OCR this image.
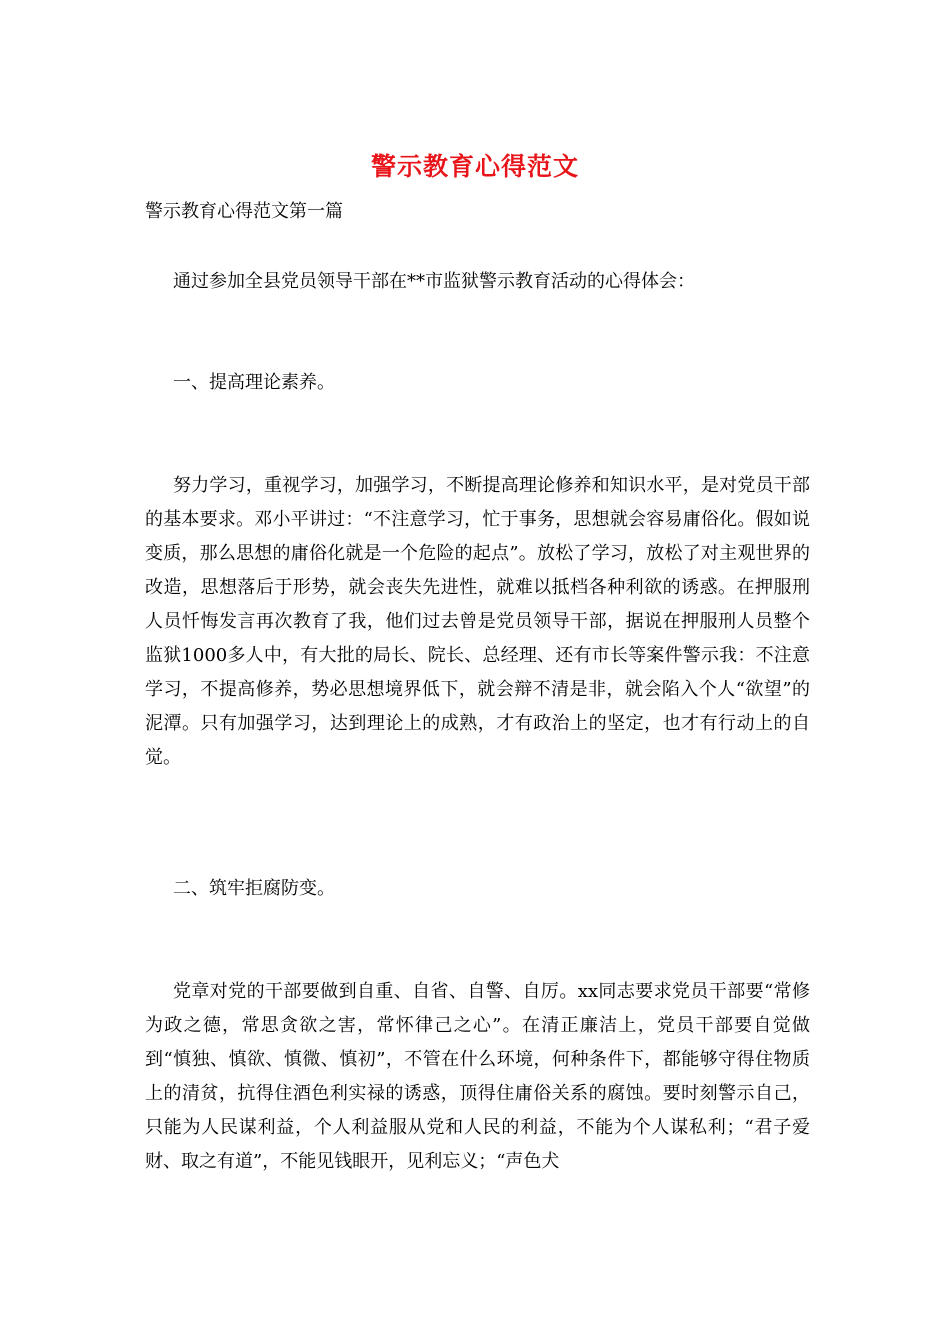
警示教育心得范文
警示教育心得范文第一篇

通过参加全县党员领导干部在**市监狱警示教育活动的心得体会：

一、提高理论素养。

努力学习，重视学习，加强学习，不断提高理论修养和知识水平，是对党员干部的基本要求。邓小平讲过：“不注意学习，忙于事务，思想就会容易庸俗化。假如说变质，那么思想的庸俗化就是一个危险的起点”。放松了学习，放松了对主观世界的改造，思想落后于形势，就会丧失先进性，就难以抵档各种利欲的诱惑。在押服刑人员忏悔发言再次教育了我，他们过去曾是党员领导干部，据说在押服刑人员整个监狱1000多人中，有大批的局长、院长、总经理、还有市长等案件警示我：不注意学习，不提高修养，势必思想境界低下，就会辩不清是非，就会陷入个人“欲望”的泥潭。只有加强学习，达到理论上的成熟，才有政治上的坚定，也才有行动上的自觉。

二、筑牢拒腐防变。

党章对党的干部要做到自重、自省、自警、自厉。xx同志要求党员干部要“常修为政之德，常思贪欲之害，常怀律己之心”。在清正廉洁上，党员干部要自觉做到“慎独、慎欲、慎微、慎初”，不管在什么环境，何种条件下，都能够守得住物质上的清贫，抗得住酒色利实禄的诱惑，顶得住庸俗关系的腐蚀。要时刻警示自己，只能为人民谋利益，个人利益服从党和人民的利益，不能为个人谋私利；“君子爱财、取之有道”，不能见钱眼开，见利忘义；“声色犬
